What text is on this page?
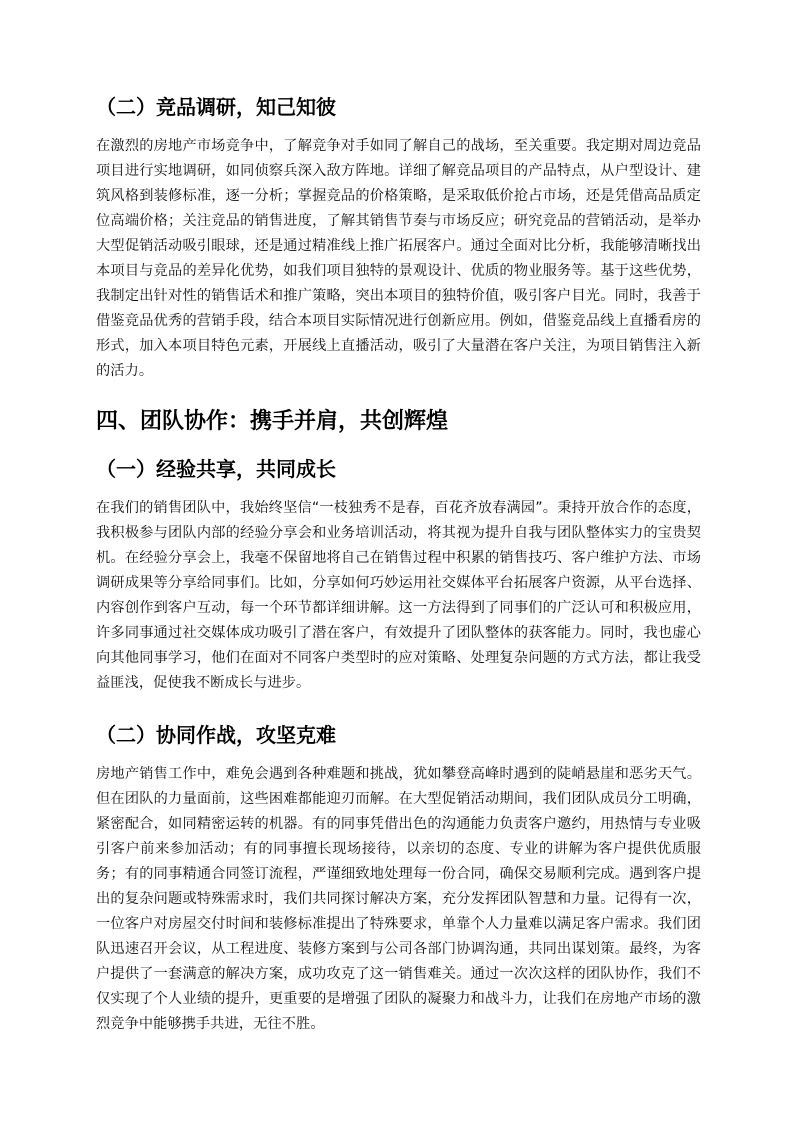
（二）竞品调研，知己知彼

在激烈的房地产市场竞争中，了解竞争对手如同了解自己的战场，至关重要。我定期对周边竞品项目进行实地调研，如同侦察兵深入敌方阵地。详细了解竞品项目的产品特点，从户型设计、建筑风格到装修标准，逐一分析；掌握竞品的价格策略，是采取低价抢占市场，还是凭借高品质定位高端价格；关注竞品的销售进度，了解其销售节奏与市场反应；研究竞品的营销活动，是举办大型促销活动吸引眼球，还是通过精准线上推广拓展客户。通过全面对比分析，我能够清晰找出本项目与竞品的差异化优势，如我们项目独特的景观设计、优质的物业服务等。基于这些优势，我制定出针对性的销售话术和推广策略，突出本项目的独特价值，吸引客户目光。同时，我善于借鉴竞品优秀的营销手段，结合本项目实际情况进行创新应用。例如，借鉴竞品线上直播看房的形式，加入本项目特色元素，开展线上直播活动，吸引了大量潜在客户关注，为项目销售注入新的活力。

四、团队协作：携手并肩，共创辉煌
（一）经验共享，共同成长

在我们的销售团队中，我始终坚信“一枝独秀不是春，百花齐放春满园”。秉持开放合作的态度，我积极参与团队内部的经验分享会和业务培训活动，将其视为提升自我与团队整体实力的宝贵契机。在经验分享会上，我毫不保留地将自己在销售过程中积累的销售技巧、客户维护方法、市场调研成果等分享给同事们。比如，分享如何巧妙运用社交媒体平台拓展客户资源，从平台选择、内容创作到客户互动，每一个环节都详细讲解。这一方法得到了同事们的广泛认可和积极应用，许多同事通过社交媒体成功吸引了潜在客户，有效提升了团队整体的获客能力。同时，我也虚心向其他同事学习，他们在面对不同客户类型时的应对策略、处理复杂问题的方式方法，都让我受益匪浅，促使我不断成长与进步。

（二）协同作战，攻坚克难

房地产销售工作中，难免会遇到各种难题和挑战，犹如攀登高峰时遇到的陡峭悬崖和恶劣天气。但在团队的力量面前，这些困难都能迎刃而解。在大型促销活动期间，我们团队成员分工明确，紧密配合，如同精密运转的机器。有的同事凭借出色的沟通能力负责客户邀约，用热情与专业吸引客户前来参加活动；有的同事擅长现场接待，以亲切的态度、专业的讲解为客户提供优质服务；有的同事精通合同签订流程，严谨细致地处理每一份合同，确保交易顺利完成。遇到客户提出的复杂问题或特殊需求时，我们共同探讨解决方案，充分发挥团队智慧和力量。记得有一次，一位客户对房屋交付时间和装修标准提出了特殊要求，单靠个人力量难以满足客户需求。我们团队迅速召开会议，从工程进度、装修方案到与公司各部门协调沟通，共同出谋划策。最终，为客户提供了一套满意的解决方案，成功攻克了这一销售难关。通过一次次这样的团队协作，我们不仅实现了个人业绩的提升，更重要的是增强了团队的凝聚力和战斗力，让我们在房地产市场的激烈竞争中能够携手共进，无往不胜。
